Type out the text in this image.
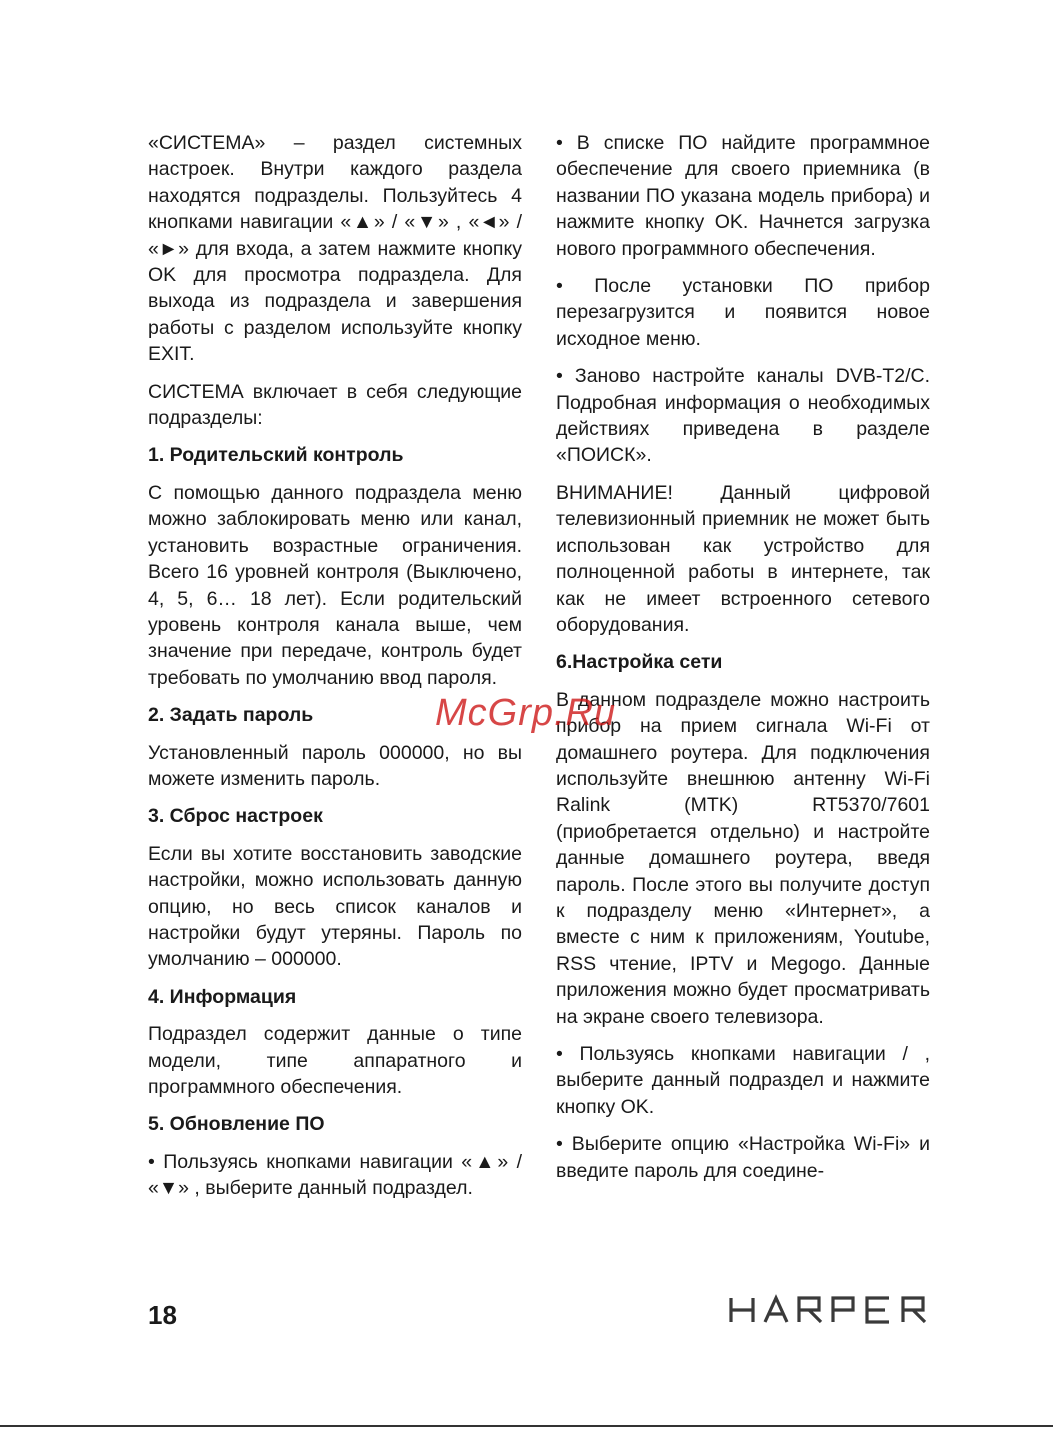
«СИСТЕМА» – раздел системных настроек. Внутри каждого раздела находятся подразделы. Пользуйтесь 4 кнопками навигации «▲» / «▼» , «◄» / «►» для входа, а затем нажмите кнопку OK для просмотра подраздела. Для выхода из подраздела и завершения работы с разделом используйте кнопку EXIT.

СИСТЕМА включает в себя следующие подразделы:

1. Родительский контроль

С помощью данного подраздела меню можно заблокировать меню или канал, установить возрастные ограничения. Всего 16 уровней контроля (Выключено, 4, 5, 6… 18 лет). Если родительский уровень контроля канала выше, чем значение при передаче, контроль будет требовать по умолчанию ввод пароля.

2. Задать пароль

Установленный пароль 000000, но вы можете изменить пароль.

3. Сброс настроек

Если вы хотите восстановить заводские настройки, можно использовать данную опцию, но весь список каналов и настройки будут утеряны. Пароль по умолчанию – 000000.

4. Информация

Подраздел содержит данные о типе модели, типе аппаратного и программного обеспечения.

5. Обновление ПО

• Пользуясь кнопками навигации «▲» / «▼» , выберите данный подраздел.

• В списке ПО найдите программное обеспечение для своего приемника (в названии ПО указана модель прибора) и нажмите кнопку OK. Начнется загрузка нового программного обеспечения.

• После установки ПО прибор перезагрузится и появится новое исходное меню.

• Заново настройте каналы DVB-T2/C. Подробная информация о необходимых действиях приведена в разделе «ПОИСК».

ВНИМАНИЕ! Данный цифровой телевизионный приемник не может быть использован как устройство для полноценной работы в интернете, так как не имеет встроенного сетевого оборудования.

6.Настройка сети

В данном подразделе можно настроить прибор на прием сигнала Wi-Fi от домашнего роутера. Для подключения используйте внешнюю антенну Wi-Fi Ralink (MTK) RT5370/7601 (приобретается отдельно) и настройте данные домашнего роутера, введя пароль. После этого вы получите доступ к подразделу меню «Интернет», а вместе с ним к приложениям, Youtube, RSS чтение, IPTV и Megogo. Данные приложения можно будет просматривать на экране своего телевизора.

• Пользуясь кнопками навигации / , выберите данный подраздел и нажмите кнопку OK.

• Выберите опцию «Настройка Wi-Fi» и введите пароль для соедине-

McGrp.Ru
18
